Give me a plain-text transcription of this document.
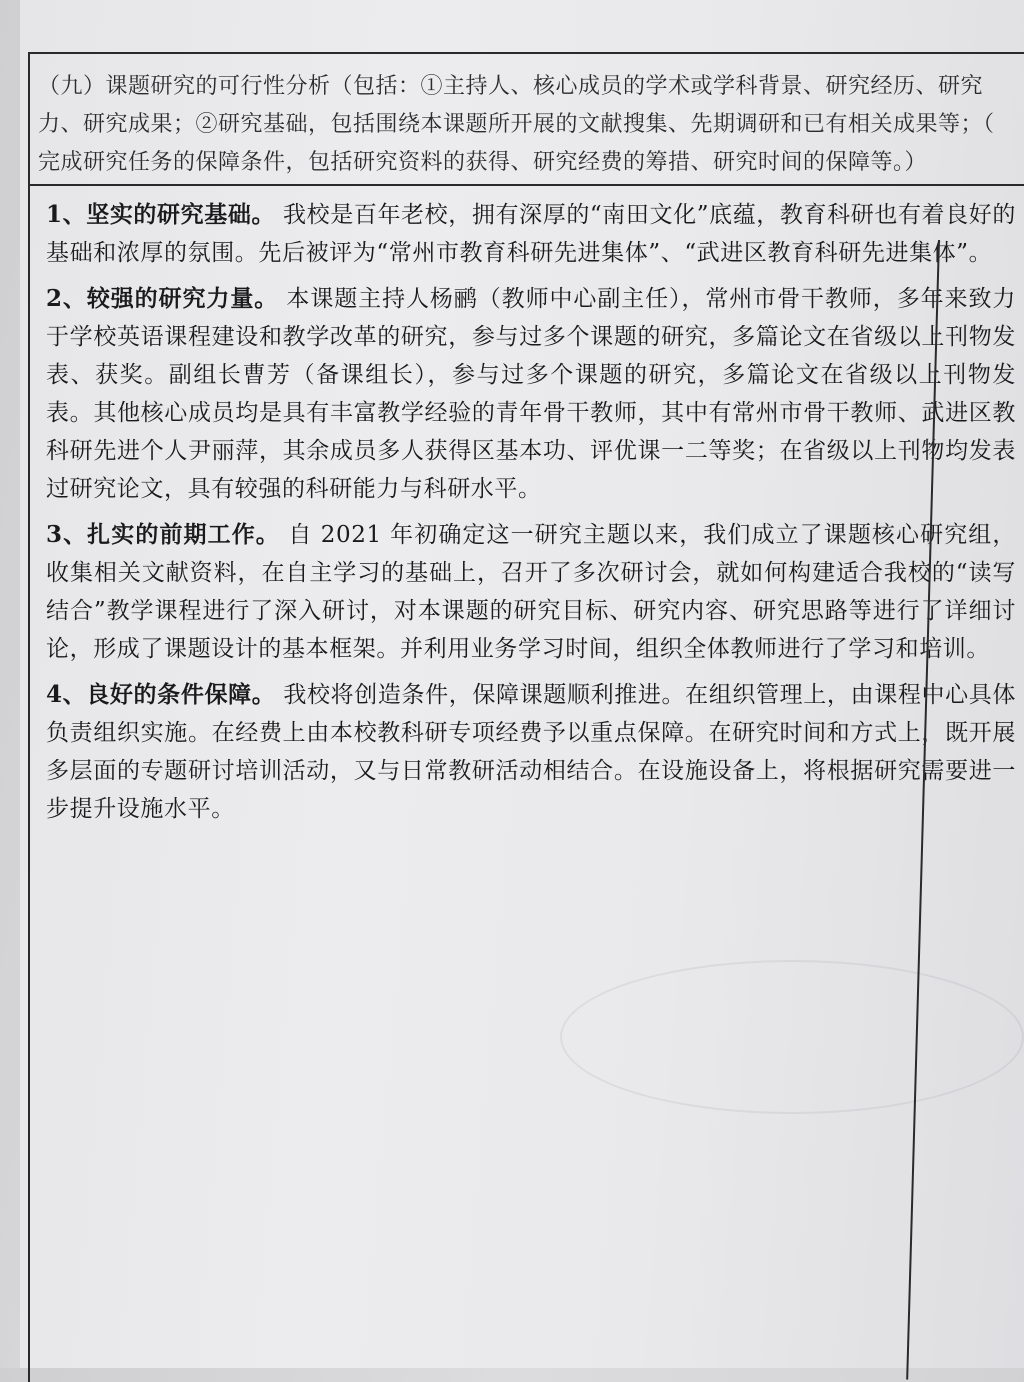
（九）课题研究的可行性分析（包括：①主持人、核心成员的学术或学科背景、研究经历、研究
力、研究成果；②研究基础，包括围绕本课题所开展的文献搜集、先期调研和已有相关成果等；（
完成研究任务的保障条件，包括研究资料的获得、研究经费的筹措、研究时间的保障等。）

1、坚实的研究基础。 我校是百年老校，拥有深厚的“南田文化”底蕴，教育科研也有着良好的基础和浓厚的氛围。先后被评为“常州市教育科研先进集体”、“武进区教育科研先进集体”。

2、较强的研究力量。 本课题主持人杨鹂（教师中心副主任），常州市骨干教师，多年来致力于学校英语课程建设和教学改革的研究，参与过多个课题的研究，多篇论文在省级以上刊物发表、获奖。副组长曹芳（备课组长），参与过多个课题的研究，多篇论文在省级以上刊物发表。其他核心成员均是具有丰富教学经验的青年骨干教师，其中有常州市骨干教师、武进区教科研先进个人尹丽萍，其余成员多人获得区基本功、评优课一二等奖；在省级以上刊物均发表过研究论文，具有较强的科研能力与科研水平。

3、扎实的前期工作。 自 2021 年初确定这一研究主题以来，我们成立了课题核心研究组，收集相关文献资料，在自主学习的基础上，召开了多次研讨会，就如何构建适合我校的“读写结合”教学课程进行了深入研讨，对本课题的研究目标、研究内容、研究思路等进行了详细讨论，形成了课题设计的基本框架。并利用业务学习时间，组织全体教师进行了学习和培训。

4、良好的条件保障。 我校将创造条件，保障课题顺利推进。在组织管理上，由课程中心具体负责组织实施。在经费上由本校教科研专项经费予以重点保障。在研究时间和方式上，既开展多层面的专题研讨培训活动，又与日常教研活动相结合。在设施设备上，将根据研究需要进一步提升设施水平。
